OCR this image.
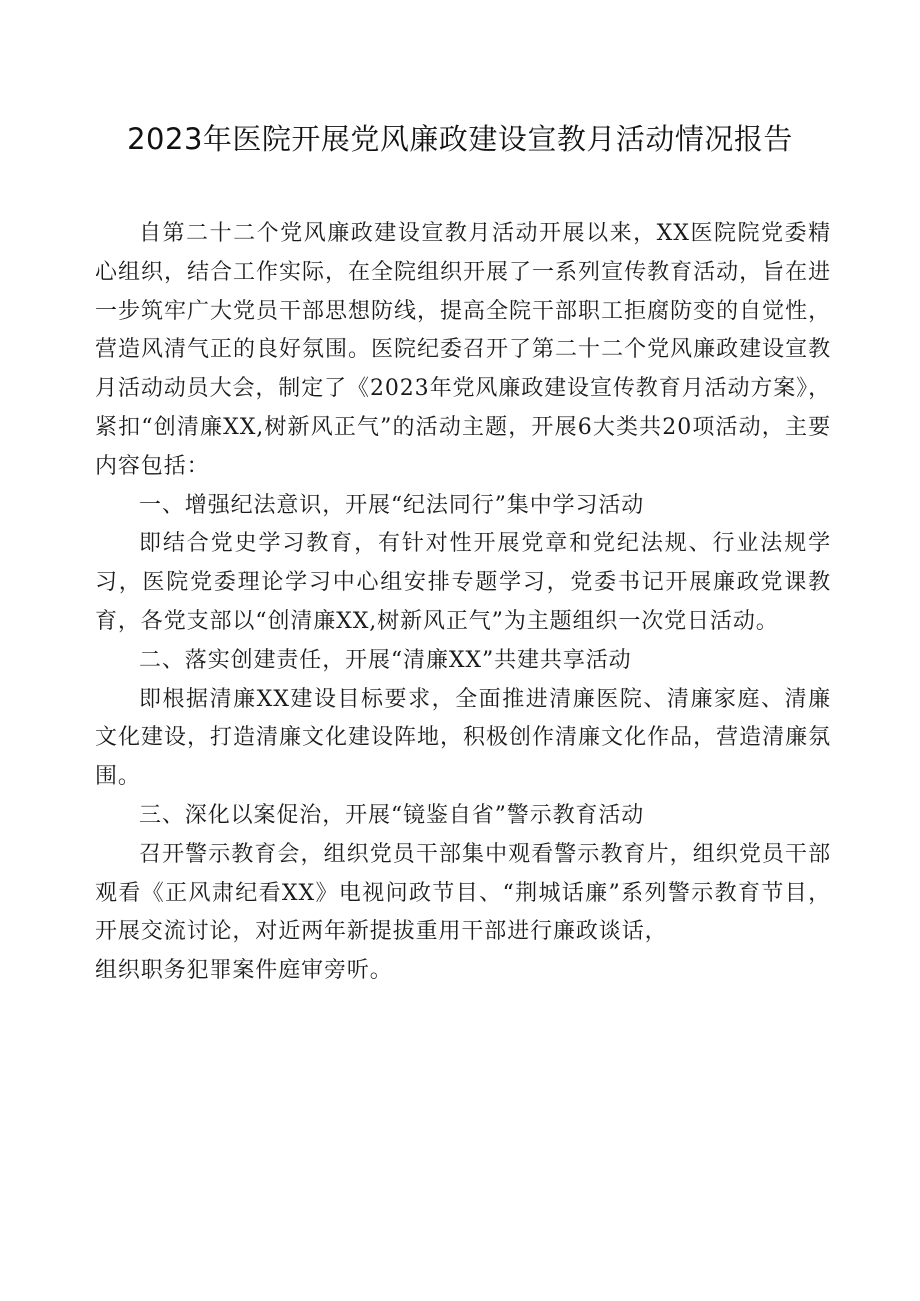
2023年医院开展党风廉政建设宣教月活动情况报告

自第二十二个党风廉政建设宣教月活动开展以来，XX医院院党委精心组织，结合工作实际，在全院组织开展了一系列宣传教育活动，旨在进一步筑牢广大党员干部思想防线，提高全院干部职工拒腐防变的自觉性，营造风清气正的良好氛围。医院纪委召开了第二十二个党风廉政建设宣教月活动动员大会，制定了《2023年党风廉政建设宣传教育月活动方案》，紧扣“创清廉XX,树新风正气”的活动主题，开展6大类共20项活动，主要内容包括：

一、增强纪法意识，开展“纪法同行”集中学习活动

即结合党史学习教育，有针对性开展党章和党纪法规、行业法规学习，医院党委理论学习中心组安排专题学习，党委书记开展廉政党课教育，各党支部以“创清廉XX,树新风正气”为主题组织一次党日活动。

二、落实创建责任，开展“清廉XX”共建共享活动

即根据清廉XX建设目标要求，全面推进清廉医院、清廉家庭、清廉文化建设，打造清廉文化建设阵地，积极创作清廉文化作品，营造清廉氛围。

三、深化以案促治，开展“镜鉴自省”警示教育活动

召开警示教育会，组织党员干部集中观看警示教育片，组织党员干部观看《正风肃纪看XX》电视问政节目、“荆城话廉”系列警示教育节目，开展交流讨论，对近两年新提拔重用干部进行廉政谈话，

组织职务犯罪案件庭审旁听。
